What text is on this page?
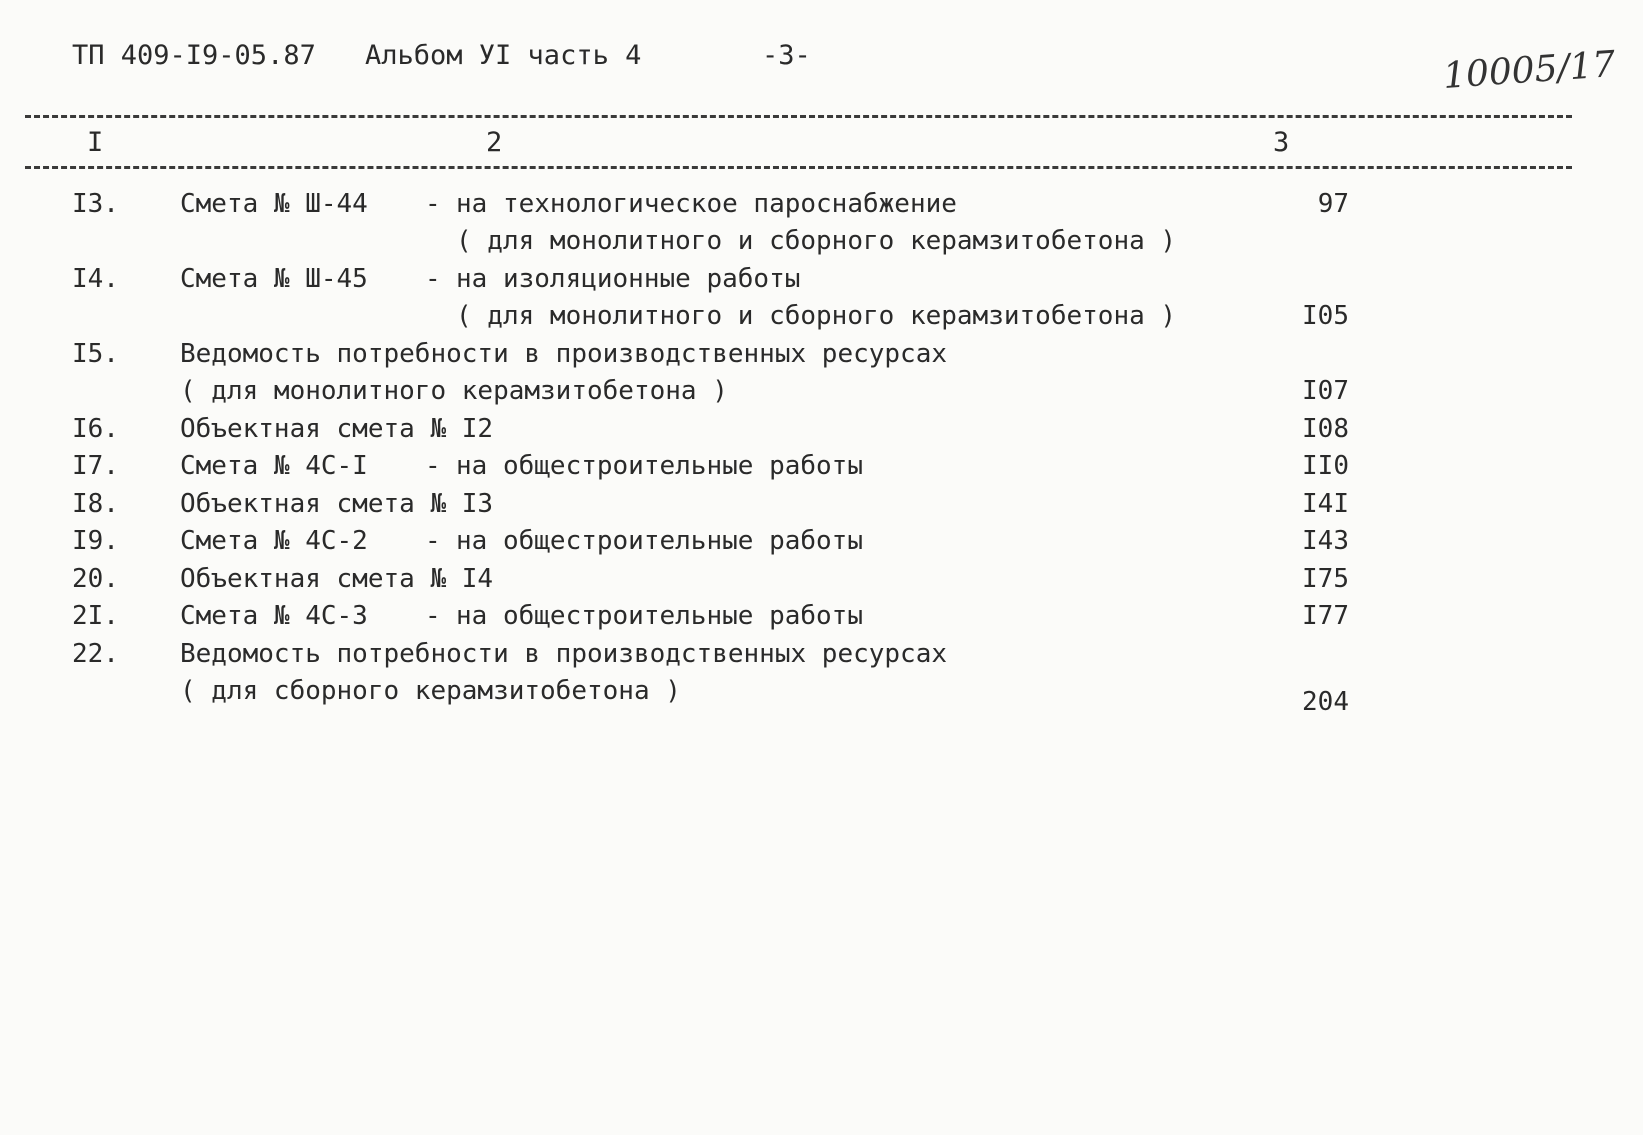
ТП 409-I9-05.87 Альбом УI часть 4	-3-	10005/17
I	2	3
I3. Смета № Ш-44 - на технологическое пароснабжение	97
( для монолитного и сборного керамзитобетона )
I4. Смета № Ш-45 - на изоляционные работы
( для монолитного и сборного керамзитобетона )	I05
I5. Ведомость потребности в производственных ресурсах
( для монолитного керамзитобетона )	I07
I6. Объектная смета № I2	I08
I7. Смета № 4С-I - на общестроительные работы	II0
I8. Объектная смета № I3	I4I
I9. Смета № 4С-2 - на общестроительные работы	I43
20. Объектная смета № I4	I75
2I. Смета № 4С-3 - на общестроительные работы	I77
22. Ведомость потребности в производственных ресурсах
( для сборного керамзитобетона )	204
